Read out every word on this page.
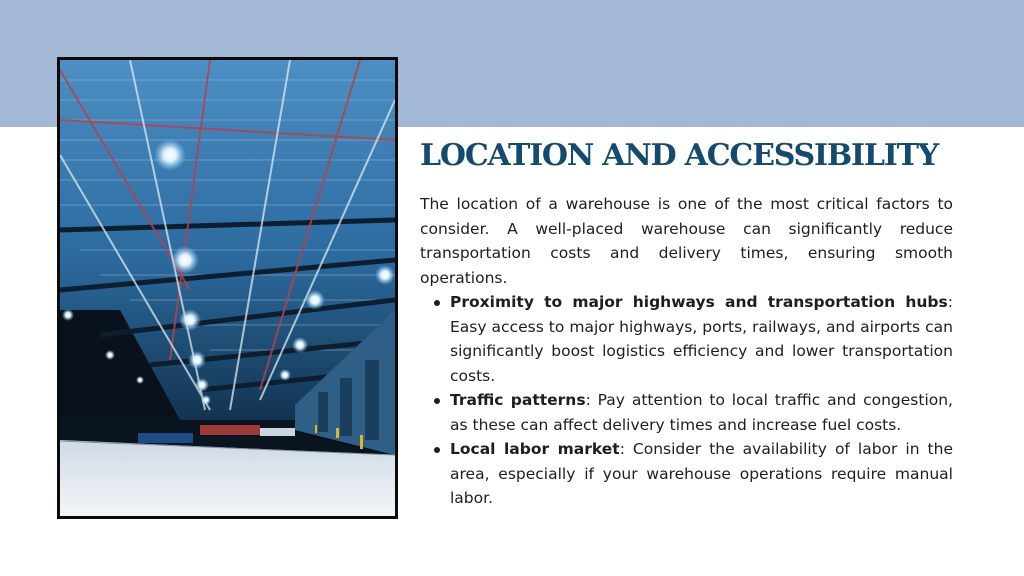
LOCATION AND ACCESSIBILITY

The location of a warehouse is one of the most critical factors to consider. A well-placed warehouse can significantly reduce transportation costs and delivery times, ensuring smooth operations.

Proximity to major highways and transportation hubs: Easy access to major highways, ports, railways, and airports can significantly boost logistics efficiency and lower transportation costs.
Traffic patterns: Pay attention to local traffic and congestion, as these can affect delivery times and increase fuel costs.
Local labor market: Consider the availability of labor in the area, especially if your warehouse operations require manual labor.
